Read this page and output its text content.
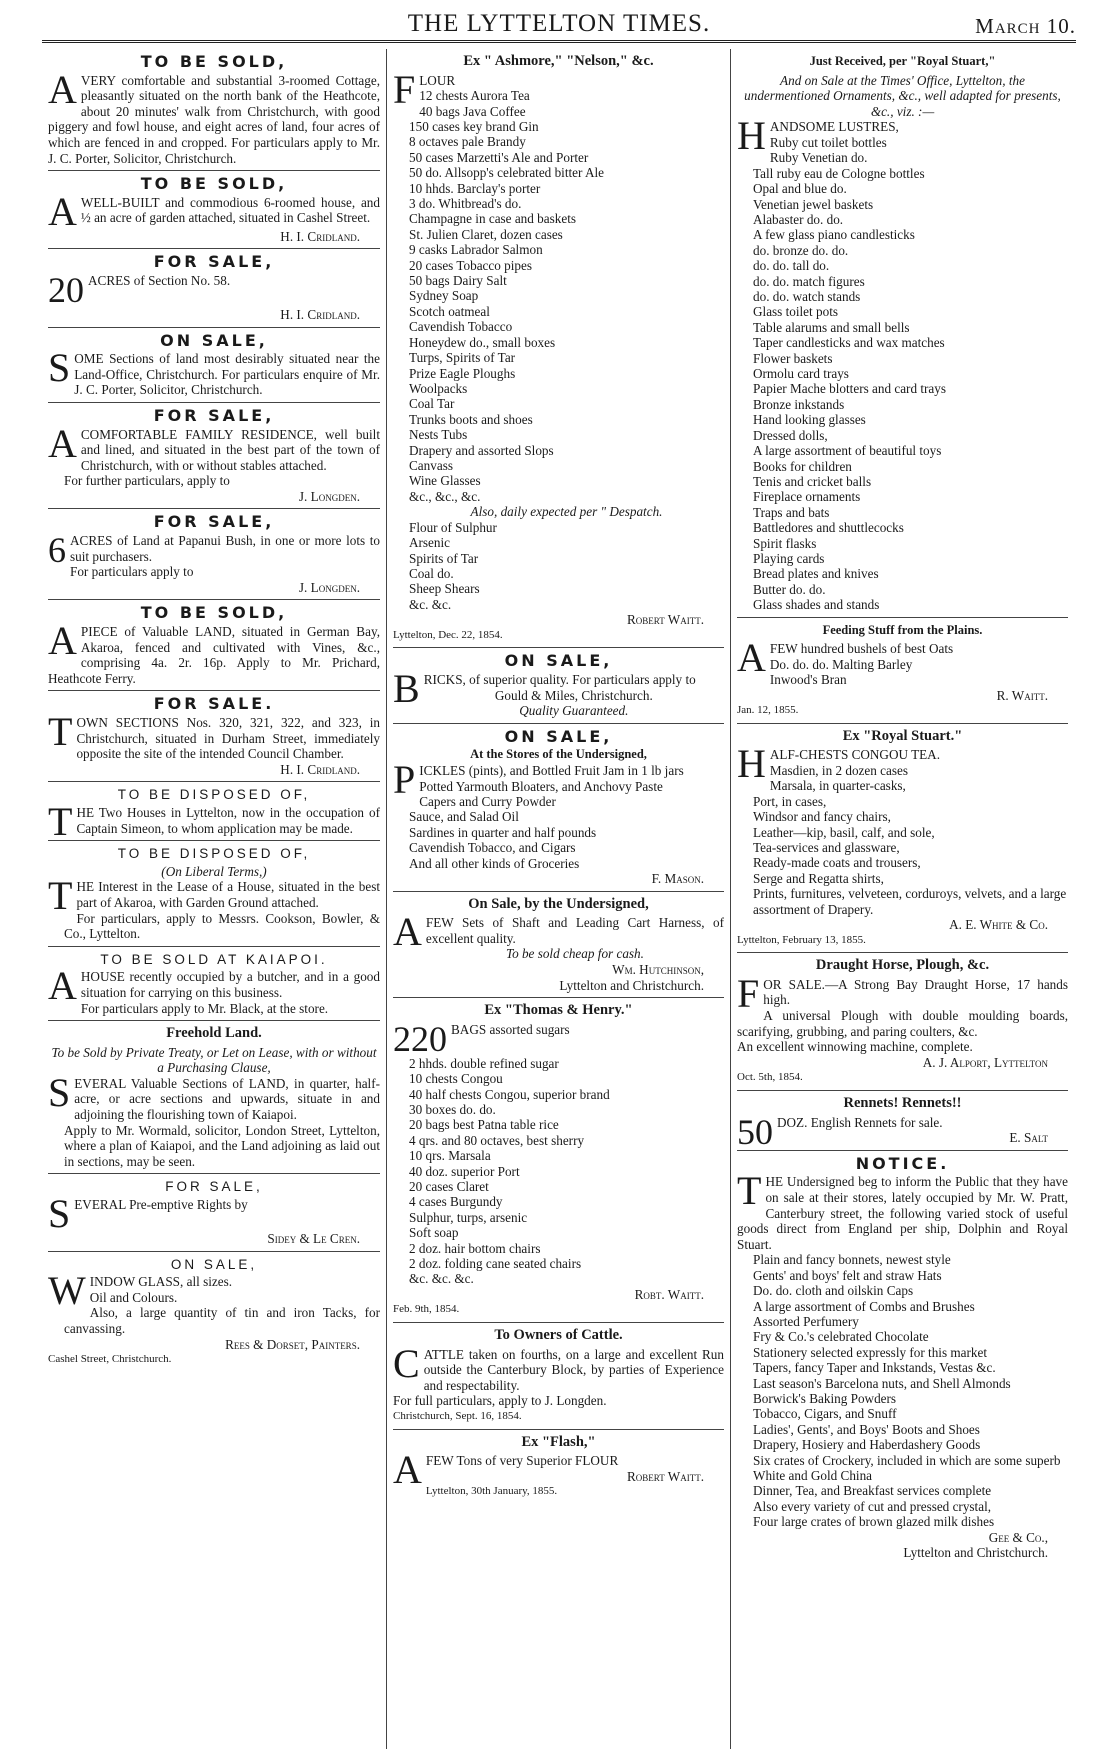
THE LYTTELTON TIMES.	March 10.
TO BE SOLD,

AVERY comfortable and substantial 3-roomed Cottage, pleasantly situated on the north bank of the Heathcote, about 20 minutes' walk from Christchurch, with good piggery and fowl house, and eight acres of land, four acres of which are fenced in and cropped. For particulars apply to Mr. J. C. Porter, Solicitor, Christchurch.

TO BE SOLD,

AWELL-BUILT and commodious 6-roomed house, and ½ an acre of garden attached, situated in Cashel Street.

H. I. Cridland.
FOR SALE,

20 ACRES of Section No. 58.

H. I. Cridland.
ON SALE,

SOME Sections of land most desirably situated near the Land-Office, Christchurch. For particulars enquire of Mr. J. C. Porter, Solicitor, Christchurch.

FOR SALE,

ACOMFORTABLE FAMILY RESIDENCE, well built and lined, and situated in the best part of the town of Christchurch, with or without stables attached.

For further particulars, apply to

J. Longden.
FOR SALE,

6 ACRES of Land at Papanui Bush, in one or more lots to suit purchasers.

For particulars apply to

J. Longden.
TO BE SOLD,

APIECE of Valuable LAND, situated in German Bay, Akaroa, fenced and cultivated with Vines, &c., comprising 4a. 2r. 16p. Apply to Mr. Prichard, Heathcote Ferry.

FOR SALE.

TOWN SECTIONS Nos. 320, 321, 322, and 323, in Christchurch, situated in Durham Street, immediately opposite the site of the intended Council Chamber.

H. I. Cridland.
TO BE DISPOSED OF,

THE Two Houses in Lyttelton, now in the occupation of Captain Simeon, to whom application may be made.

TO BE DISPOSED OF,
(On Liberal Terms,)

THE Interest in the Lease of a House, situated in the best part of Akaroa, with Garden Ground attached.

For particulars, apply to Messrs. Cookson, Bowler, & Co., Lyttelton.

TO BE SOLD AT KAIAPOI.

AHOUSE recently occupied by a butcher, and in a good situation for carrying on this business.

For particulars apply to Mr. Black, at the store.

Freehold Land.
To be Sold by Private Treaty, or Let on Lease, with or without a Purchasing Clause,

SEVERAL Valuable Sections of LAND, in quarter, half-acre, or acre sections and upwards, situate in and adjoining the flourishing town of Kaiapoi.

Apply to Mr. Wormald, solicitor, London Street, Lyttelton, where a plan of Kaiapoi, and the Land adjoining as laid out in sections, may be seen.

FOR SALE,

SEVERAL Pre-emptive Rights by

Sidey & Le Cren.
ON SALE,

WINDOW GLASS, all sizes.

Oil and Colours.

Also, a large quantity of tin and iron Tacks, for canvassing.

Rees & Dorset, Painters.
Cashel Street, Christchurch.
Ex " Ashmore," "Nelson," &c.

FLOUR

12 chests Aurora Tea
40 bags Java Coffee
150 cases key brand Gin
8 octaves pale Brandy
50 cases Marzetti's Ale and Porter
50 do. Allsopp's celebrated bitter Ale
10 hhds. Barclay's porter
3 do. Whitbread's do.
Champagne in case and baskets
St. Julien Claret, dozen cases
9 casks Labrador Salmon
20 cases Tobacco pipes
50 bags Dairy Salt
Sydney Soap
Scotch oatmeal
Cavendish Tobacco
Honeydew do., small boxes
Turps, Spirits of Tar
Prize Eagle Ploughs
Woolpacks
Coal Tar
Trunks boots and shoes
Nests Tubs
Drapery and assorted Slops
Canvass
Wine Glasses
&c., &c., &c.
Also, daily expected per " Despatch.
Flour of Sulphur
Arsenic
Spirits of Tar
Coal do.
Sheep Shears
&c. &c.
Robert Waitt.
Lyttelton, Dec. 22, 1854.
ON SALE,

BRICKS, of superior quality. For particulars apply to

Gould & Miles, Christchurch.
Quality Guaranteed.
ON SALE,
At the Stores of the Undersigned,

PICKLES (pints), and Bottled Fruit Jam in 1 lb jars

Potted Yarmouth Bloaters, and Anchovy Paste
Capers and Curry Powder
Sauce, and Salad Oil
Sardines in quarter and half pounds
Cavendish Tobacco, and Cigars
And all other kinds of Groceries
F. Mason.
On Sale, by the Undersigned,

AFEW Sets of Shaft and Leading Cart Harness, of excellent quality.

To be sold cheap for cash.
Wm. Hutchinson,
Lyttelton and Christchurch.
Ex "Thomas & Henry."

220 BAGS assorted sugars

2 hhds. double refined sugar
10 chests Congou
40 half chests Congou, superior brand
30 boxes do. do.
20 bags best Patna table rice
4 qrs. and 80 octaves, best sherry
10 qrs. Marsala
40 doz. superior Port
20 cases Claret
4 cases Burgundy
Sulphur, turps, arsenic
Soft soap
2 doz. hair bottom chairs
2 doz. folding cane seated chairs
&c. &c. &c.
Robt. Waitt.
Feb. 9th, 1854.
To Owners of Cattle.

CATTLE taken on fourths, on a large and excellent Run outside the Canterbury Block, by parties of Experience and respectability.

For full particulars, apply to J. Longden.

Christchurch, Sept. 16, 1854.
Ex "Flash,"

AFEW Tons of very Superior FLOUR

Robert Waitt.
Lyttelton, 30th January, 1855.
Just Received, per "Royal Stuart,"
And on Sale at the Times' Office, Lyttelton, the undermentioned Ornaments, &c., well adapted for presents, &c., viz. :—

HANDSOME LUSTRES,

Ruby cut toilet bottles
Ruby Venetian do.
Tall ruby eau de Cologne bottles
Opal and blue do.
Venetian jewel baskets
Alabaster do. do.
A few glass piano candlesticks
do. bronze do. do.
do. do. tall do.
do. do. match figures
do. do. watch stands
Glass toilet pots
Table alarums and small bells
Taper candlesticks and wax matches
Flower baskets
Ormolu card trays
Papier Mache blotters and card trays
Bronze inkstands
Hand looking glasses
Dressed dolls,
A large assortment of beautiful toys
Books for children
Tenis and cricket balls
Fireplace ornaments
Traps and bats
Battledores and shuttlecocks
Spirit flasks
Playing cards
Bread plates and knives
Butter do. do.
Glass shades and stands
Feeding Stuff from the Plains.

AFEW hundred bushels of best Oats

Do. do. do. Malting Barley
Inwood's Bran
R. Waitt.
Jan. 12, 1855.
Ex "Royal Stuart."

HALF-CHESTS CONGOU TEA.

Masdien, in 2 dozen cases
Marsala, in quarter-casks,
Port, in cases,
Windsor and fancy chairs,
Leather—kip, basil, calf, and sole,
Tea-services and glassware,
Ready-made coats and trousers,
Serge and Regatta shirts,
Prints, furnitures, velveteen, corduroys, velvets, and a large assortment of Drapery.
A. E. White & Co.
Lyttelton, February 13, 1855.
Draught Horse, Plough, &c.

FOR SALE.—A Strong Bay Draught Horse, 17 hands high.

A universal Plough with double moulding boards, scarifying, grubbing, and paring coulters, &c.

An excellent winnowing machine, complete.

A. J. Alport, Lyttelton
Oct. 5th, 1854.
Rennets! Rennets!!

50 DOZ. English Rennets for sale.

E. Salt
NOTICE.

THE Undersigned beg to inform the Public that they have on sale at their stores, lately occupied by Mr. W. Pratt, Canterbury street, the following varied stock of useful goods direct from England per ship, Dolphin and Royal Stuart.

Plain and fancy bonnets, newest style
Gents' and boys' felt and straw Hats
Do. do. cloth and oilskin Caps
A large assortment of Combs and Brushes
Assorted Perfumery
Fry & Co.'s celebrated Chocolate
Stationery selected expressly for this market
Tapers, fancy Taper and Inkstands, Vestas &c.
Last season's Barcelona nuts, and Shell Almonds
Borwick's Baking Powders
Tobacco, Cigars, and Snuff
Ladies', Gents', and Boys' Boots and Shoes
Drapery, Hosiery and Haberdashery Goods
Six crates of Crockery, included in which are some superb White and Gold China
Dinner, Tea, and Breakfast services complete
Also every variety of cut and pressed crystal,
Four large crates of brown glazed milk dishes
Gee & Co.,
Lyttelton and Christchurch.
